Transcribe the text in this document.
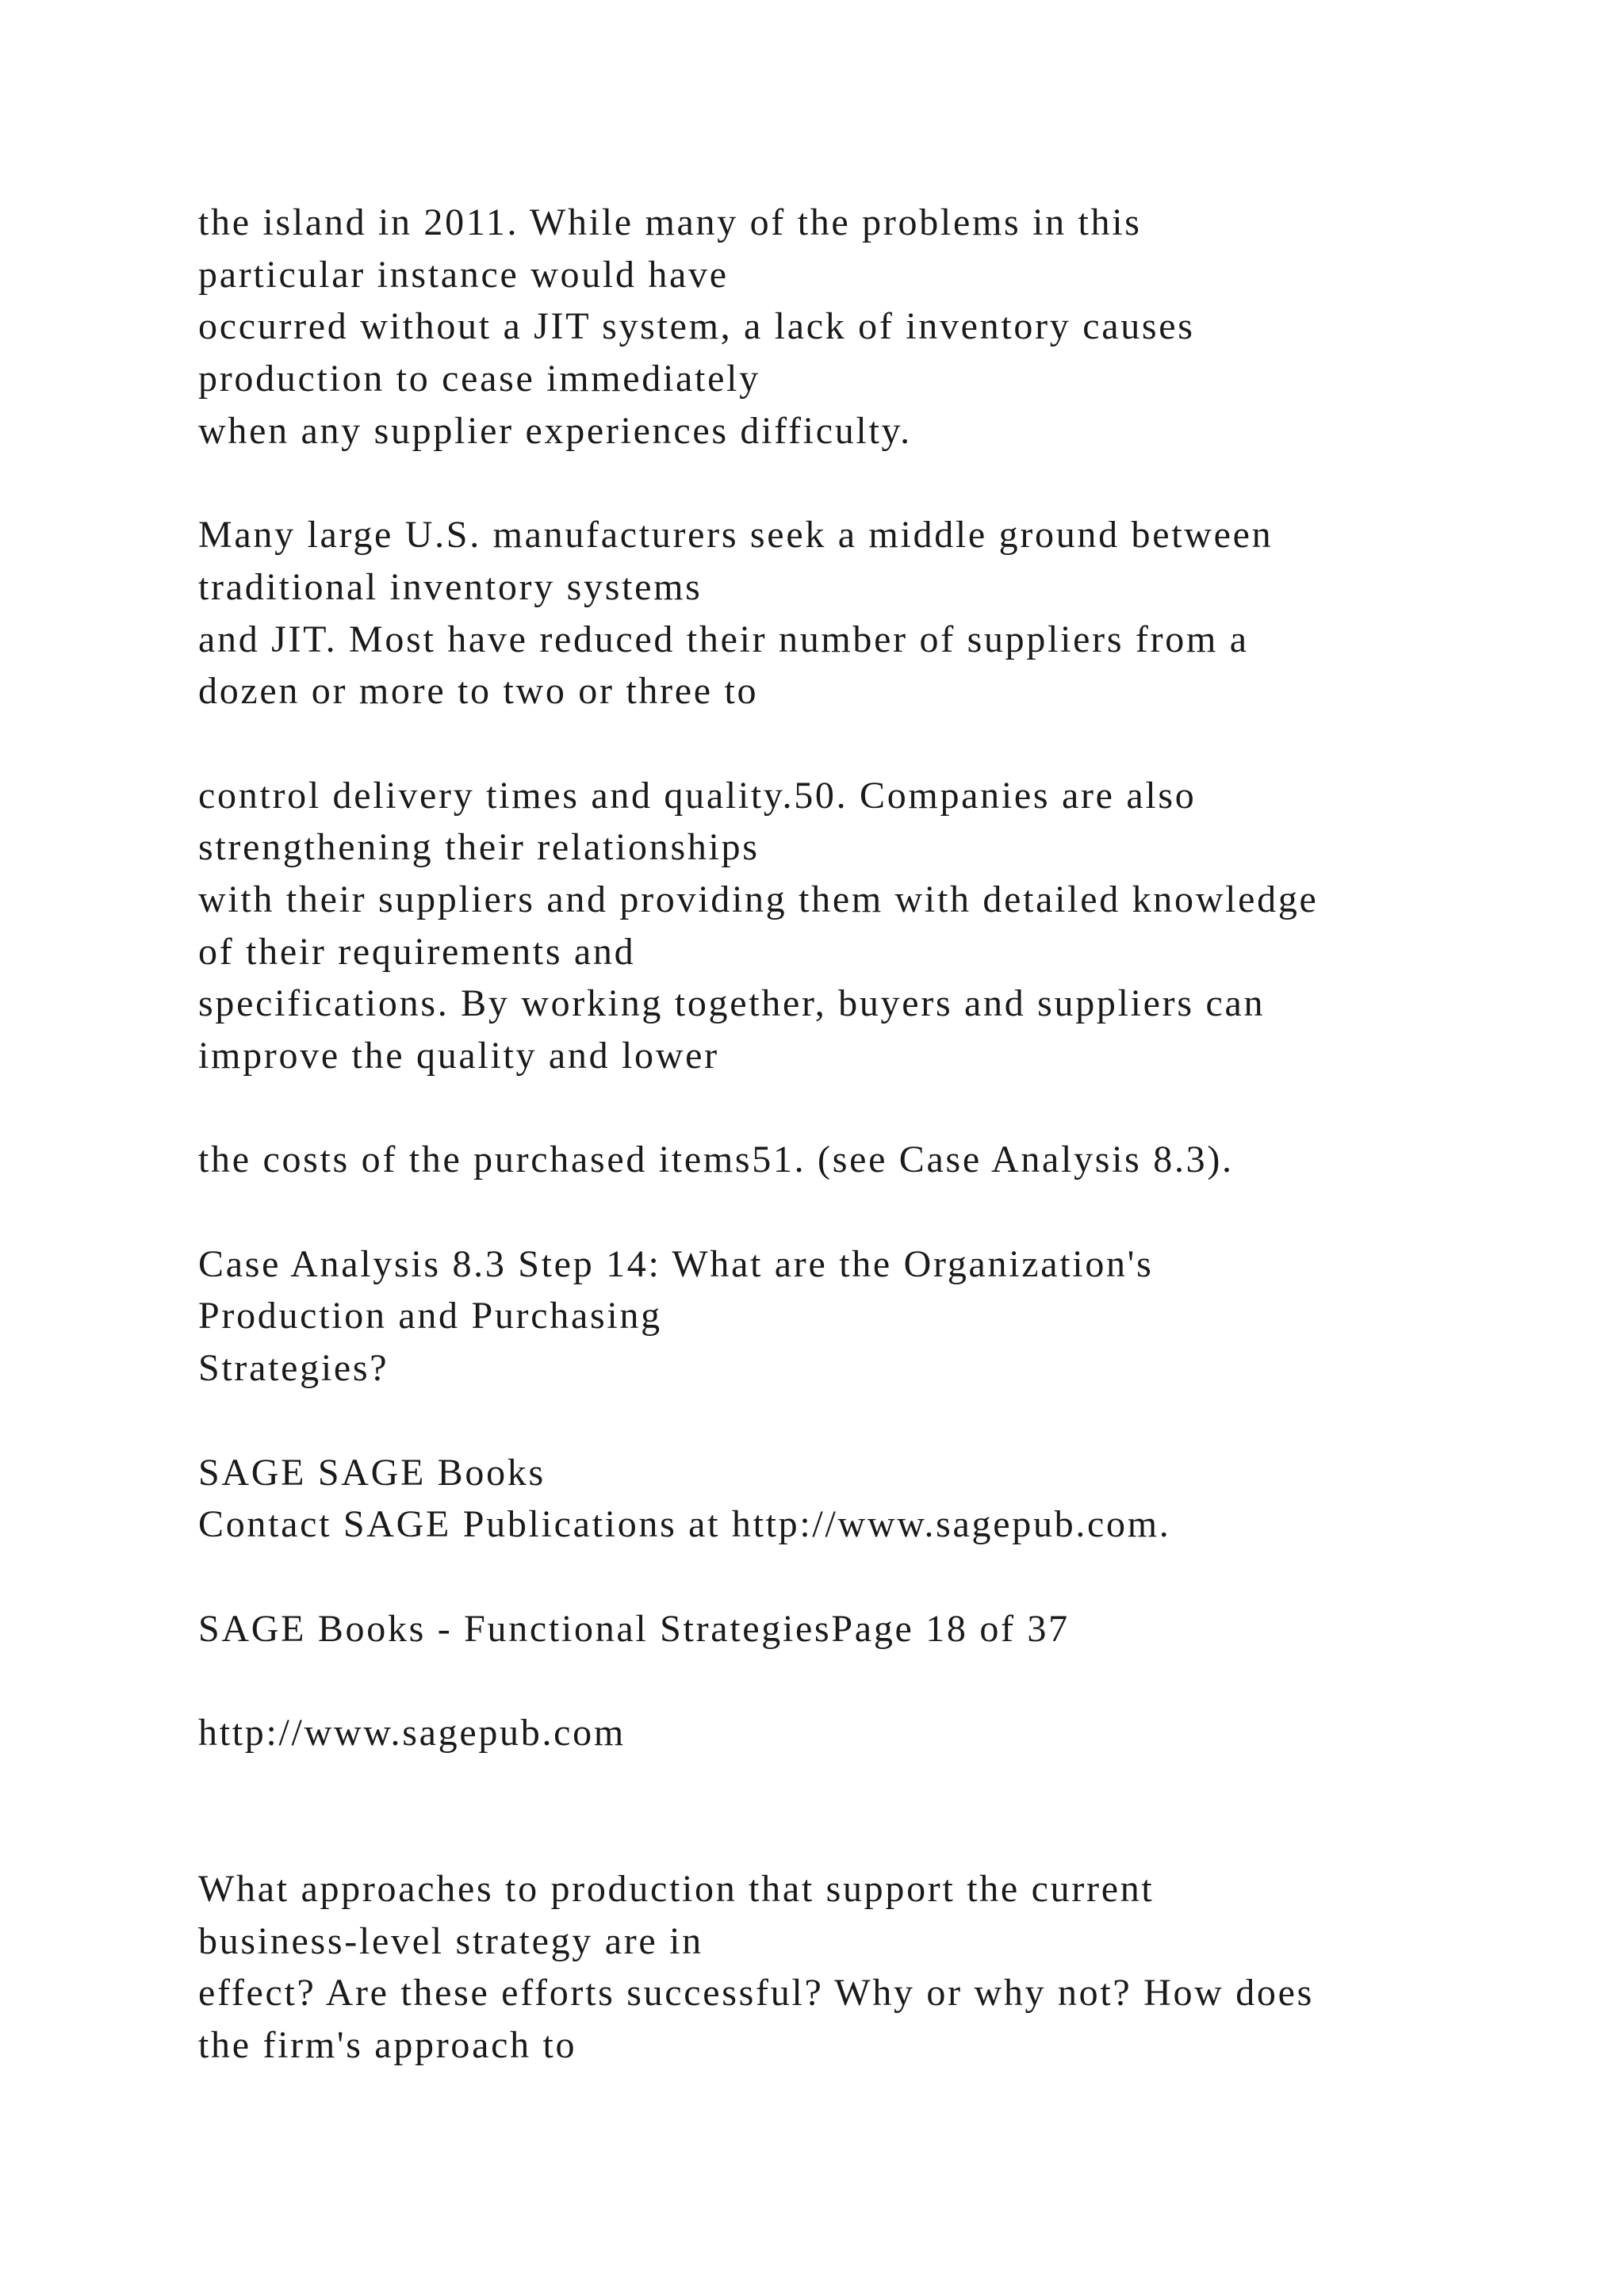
the island in 2011. While many of the problems in this
particular instance would have
occurred without a JIT system, a lack of inventory causes
production to cease immediately
when any supplier experiences difficulty.
Many large U.S. manufacturers seek a middle ground between
traditional inventory systems
and JIT. Most have reduced their number of suppliers from a
dozen or more to two or three to
control delivery times and quality.50. Companies are also
strengthening their relationships
with their suppliers and providing them with detailed knowledge
of their requirements and
specifications. By working together, buyers and suppliers can
improve the quality and lower
the costs of the purchased items51. (see Case Analysis 8.3).
Case Analysis 8.3 Step 14: What are the Organization's
Production and Purchasing
Strategies?
SAGE SAGE Books
Contact SAGE Publications at http://www.sagepub.com.
SAGE Books - Functional StrategiesPage 18 of 37
http://www.sagepub.com
What approaches to production that support the current
business-level strategy are in
effect? Are these efforts successful? Why or why not? How does
the firm's approach to
